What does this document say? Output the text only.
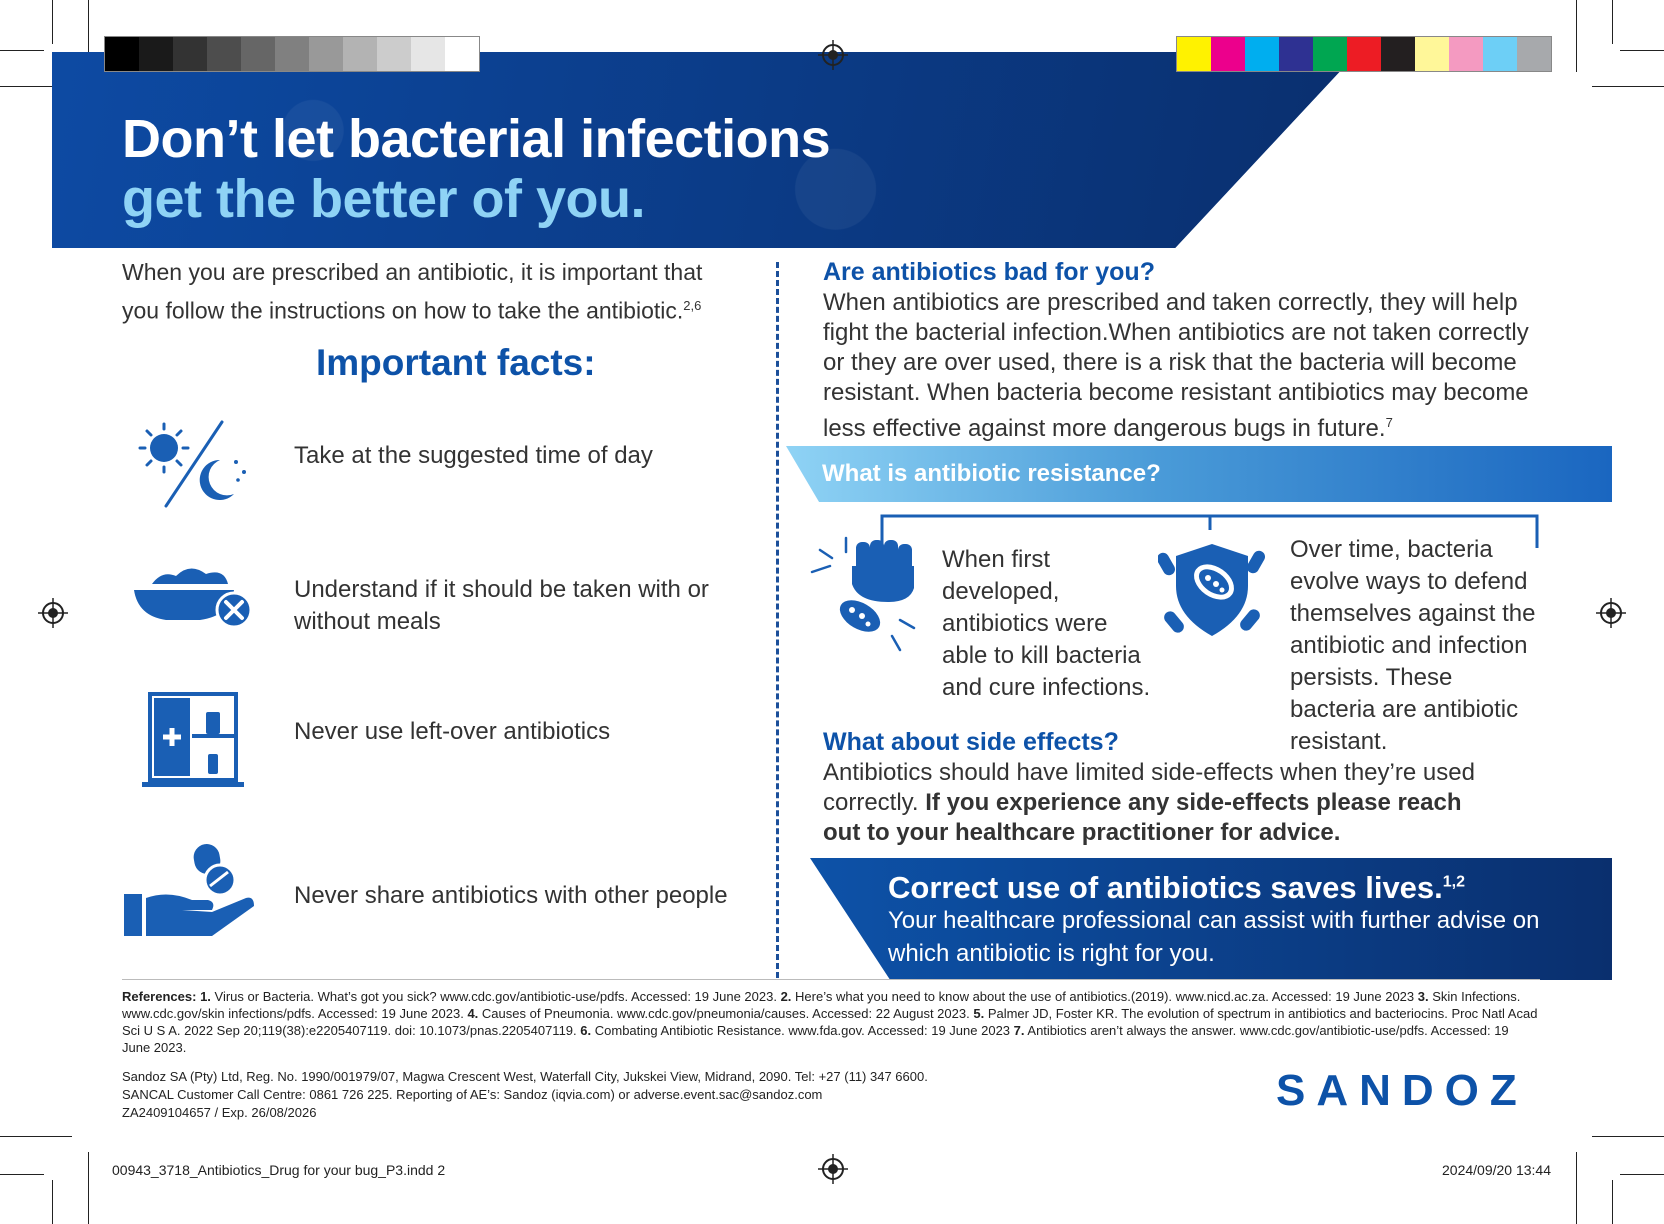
Don’t let bacterial infections
get the better of you.
When you are prescribed an antibiotic, it is important that you follow the instructions on how to take the antibiotic.$^{2,6}$
Important facts:
Take at the suggested time of day
Understand if it should be taken with or without meals
Never use left-over antibiotics
Never share antibiotics with other people
Are antibiotics bad for you?
When antibiotics are prescribed and taken correctly, they will help fight the bacterial infection.When antibiotics are not taken correctly or they are over used, there is a risk that the bacteria will become resistant. When bacteria become resistant antibiotics may become less effective against more dangerous bugs in future.$^7$
What is antibiotic resistance?
When first developed, antibiotics were able to kill bacteria and cure infections.
Over time, bacteria evolve ways to defend themselves against the antibiotic and infection persists. These bacteria are antibiotic resistant.
What about side effects?
Antibiotics should have limited side-effects when they’re used correctly. If you experience any side-effects please reach out to your healthcare practitioner for advice.
Correct use of antibiotics saves lives.$^{1,2}$
Your healthcare professional can assist with further advise on which antibiotic is right for you.
References: 1. Virus or Bacteria. What’s got you sick? www.cdc.gov/antibiotic-use/pdfs. Accessed: 19 June 2023. 2. Here’s what you need to know about the use of antibiotics.(2019). www.nicd.ac.za. Accessed: 19 June 2023 3. Skin Infections. www.cdc.gov/skin infections/pdfs. Accessed: 19 June 2023. 4. Causes of Pneumonia. www.cdc.gov/pneumonia/causes. Accessed: 22 August 2023. 5. Palmer JD, Foster KR. The evolution of spectrum in antibiotics and bacteriocins. Proc Natl Acad Sci U S A. 2022 Sep 20;119(38):e2205407119. doi: 10.1073/pnas.2205407119. 6. Combating Antibiotic Resistance. www.fda.gov. Accessed: 19 June 2023 7. Antibiotics aren’t always the answer. www.cdc.gov/antibiotic-use/pdfs. Accessed: 19 June 2023.
Sandoz SA (Pty) Ltd, Reg. No. 1990/001979/07, Magwa Crescent West, Waterfall City, Jukskei View, Midrand, 2090. Tel: +27 (11) 347 6600.
SANCAL Customer Call Centre: 0861 726 225. Reporting of AE’s: Sandoz (iqvia.com) or adverse.event.sac@sandoz.com
ZA2409104657 / Exp. 26/08/2026	SANDOZ
00943_3718_Antibiotics_Drug for your bug_P3.indd 2	2024/09/20 13:44
